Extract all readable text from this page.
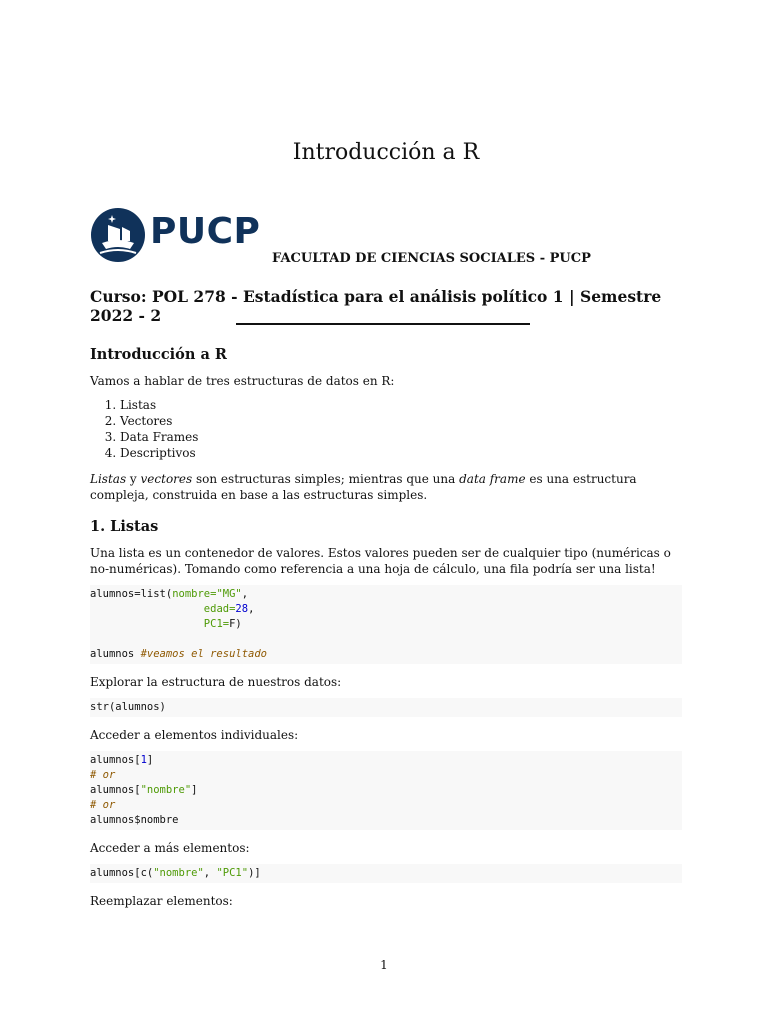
Introducción a R
PUCP
FACULTAD DE CIENCIAS SOCIALES - PUCP
Curso: POL 278 - Estadística para el análisis político 1 | Semestre 2022 - 2
Introducción a R

Vamos a hablar de tres estructuras de datos en R:

1. Listas
2. Vectores
3. Data Frames
4. Descriptivos

Listas y vectores son estructuras simples; mientras que una data frame es una estructura compleja, construida en base a las estructuras simples.

1. Listas

Una lista es un contenedor de valores. Estos valores pueden ser de cualquier tipo (numéricas o no-numéricas). Tomando como referencia a una hoja de cálculo, una fila podría ser una lista!

alumnos=list(nombre="MG",
edad=28,
PC1=F)

alumnos #veamos el resultado

Explorar la estructura de nuestros datos:

str(alumnos)

Acceder a elementos individuales:

alumnos[1]
# or
alumnos["nombre"]
# or
alumnos$nombre

Acceder a más elementos:

alumnos[c("nombre", "PC1")]

Reemplazar elementos:

1
